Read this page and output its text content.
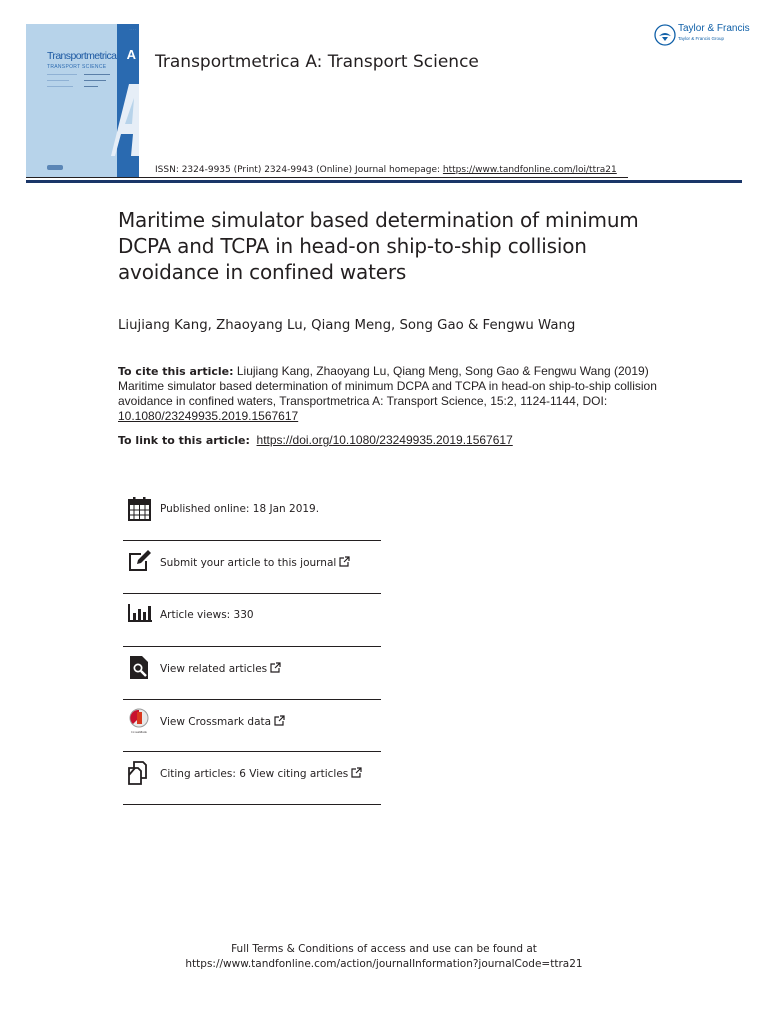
· · · ·
Transportmetrica A
TRANSPORT SCIENCE	Transportmetrica A: Transport Science
Taylor & Francis
Taylor & Francis Group
ISSN: 2324-9935 (Print) 2324-9943 (Online) Journal homepage: https://www.tandfonline.com/loi/ttra21
Maritime simulator based determination of minimum DCPA and TCPA in head-on ship-to-ship collision avoidance in confined waters
Liujiang Kang, Zhaoyang Lu, Qiang Meng, Song Gao & Fengwu Wang
To cite this article: Liujiang Kang, Zhaoyang Lu, Qiang Meng, Song Gao & Fengwu Wang (2019) Maritime simulator based determination of minimum DCPA and TCPA in head-on ship-to-ship collision avoidance in confined waters, Transportmetrica A: Transport Science, 15:2, 1124-1144, DOI: 10.1080/23249935.2019.1567617
To link to this article: https://doi.org/10.1080/23249935.2019.1567617
Published online: 18 Jan 2019.
Submit your article to this journal
Article views: 330
View related articles
CrossMark
View Crossmark data
Citing articles: 6 View citing articles
Full Terms & Conditions of access and use can be found at
https://www.tandfonline.com/action/journalInformation?journalCode=ttra21
